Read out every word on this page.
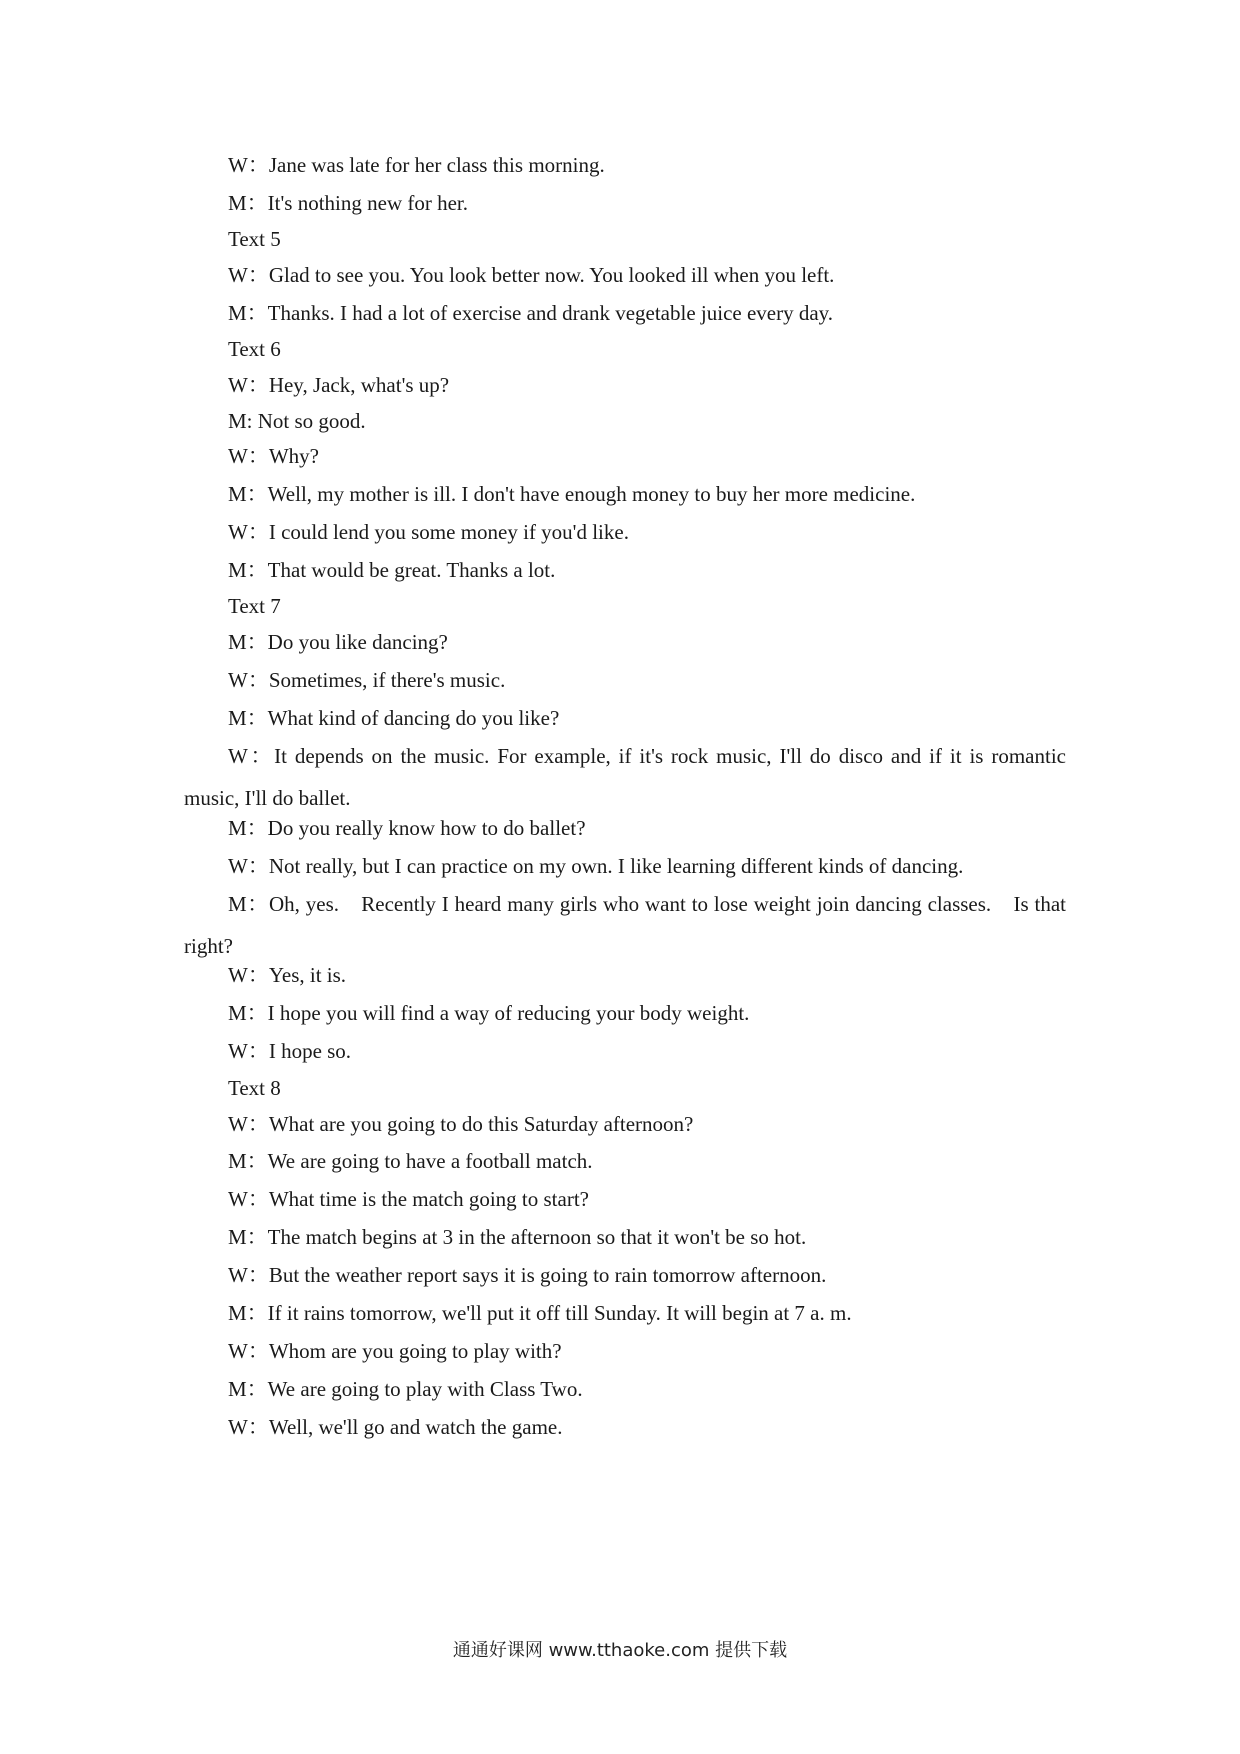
W：Jane was late for her class this morning.
M：It's nothing new for her.
Text 5
W：Glad to see you. You look better now. You looked ill when you left.
M：Thanks. I had a lot of exercise and drank vegetable juice every day.
Text 6
W：Hey, Jack, what's up?
M: Not so good.
W：Why?
M：Well, my mother is ill. I don't have enough money to buy her more medicine.
W：I could lend you some money if you'd like.
M：That would be great. Thanks a lot.
Text 7
M：Do you like dancing?
W：Sometimes, if there's music.
M：What kind of dancing do you like?
W：It depends on the music. For example, if it's rock music, I'll do disco and if it is romantic music, I'll do ballet.
M：Do you really know how to do ballet?
W：Not really, but I can practice on my own. I like learning different kinds of dancing.
M：Oh, yes.　Recently I heard many girls who want to lose weight join dancing classes.　Is that right?
W：Yes, it is.
M：I hope you will find a way of reducing your body weight.
W：I hope so.
Text 8
W：What are you going to do this Saturday afternoon?
M：We are going to have a football match.
W：What time is the match going to start?
M：The match begins at 3 in the afternoon so that it won't be so hot.
W：But the weather report says it is going to rain tomorrow afternoon.
M：If it rains tomorrow, we'll put it off till Sunday. It will begin at 7 a. m.
W：Whom are you going to play with?
M：We are going to play with Class Two.
W：Well, we'll go and watch the game.
通通好课网 www.tthaoke.com 提供下载
